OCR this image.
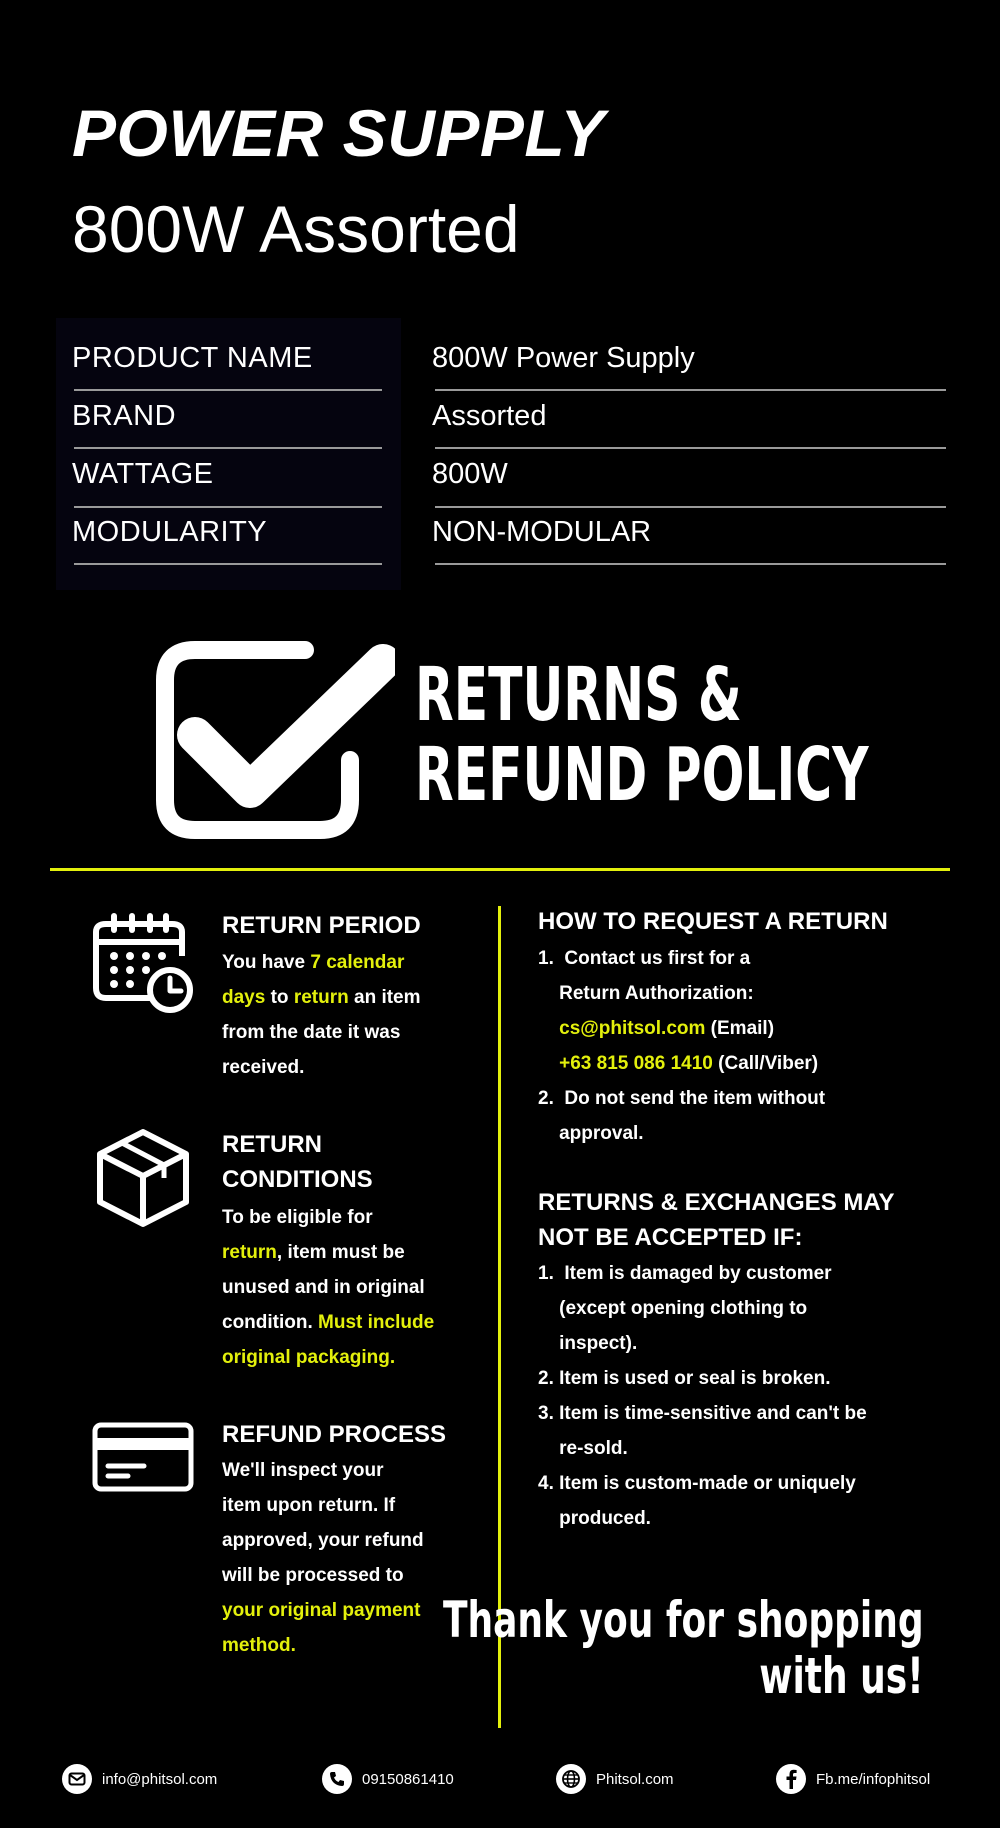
POWER SUPPLY
800W Assorted
PRODUCT NAME	800W Power Supply
BRAND	Assorted
WATTAGE	800W
MODULARITY	NON-MODULAR
RETURNS &
REFUND POLICY
RETURN PERIOD
You have 7 calendar
days to return an item
from the date it was
received.
RETURN
CONDITIONS
To be eligible for
return, item must be
unused and in original
condition. Must include
original packaging.
REFUND PROCESS
We'll inspect your
item upon return. If
approved, your refund
will be processed to
your original payment
method.
HOW TO REQUEST A RETURN
1.  Contact us first for a
Return Authorization:
cs@phitsol.com (Email)
+63 815 086 1410 (Call/Viber)
2.  Do not send the item without
approval.
RETURNS & EXCHANGES MAY
NOT BE ACCEPTED IF:
1.  Item is damaged by customer
(except opening clothing to
inspect).
2. Item is used or seal is broken.
3. Item is time-sensitive and can't be
re-sold.
4. Item is custom-made or uniquely
produced.
Thank you for shopping
with us!
info@phitsol.com	09150861410	Phitsol.com	Fb.me/infophitsol
